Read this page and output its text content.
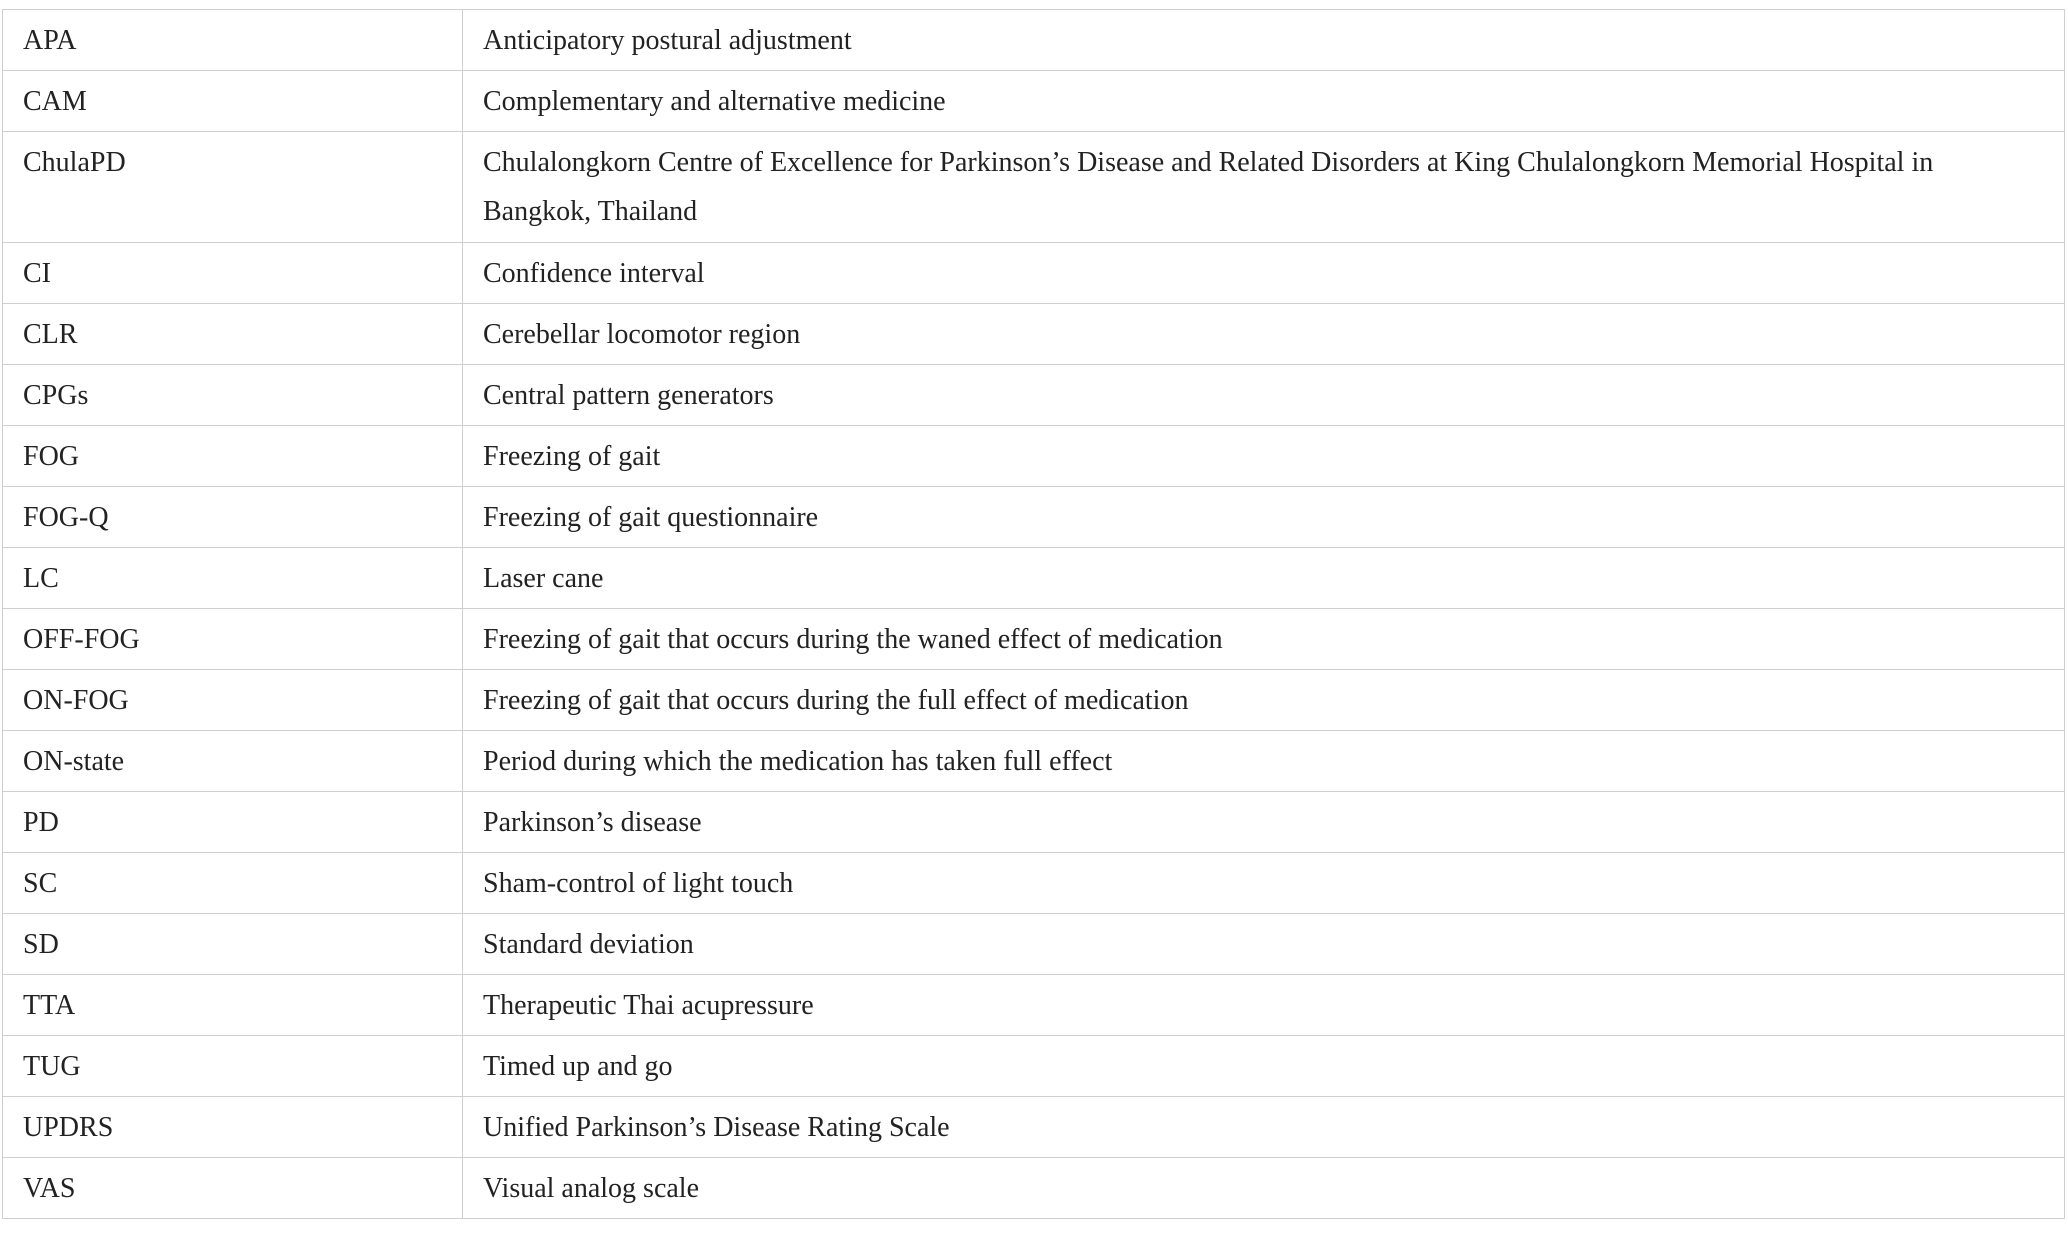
APA	Anticipatory postural adjustment
CAM	Complementary and alternative medicine
ChulaPD	Chulalongkorn Centre of Excellence for Parkinson’s Disease and Related Disorders at King Chulalongkorn Memorial Hospital in Bangkok, Thailand
CI	Confidence interval
CLR	Cerebellar locomotor region
CPGs	Central pattern generators
FOG	Freezing of gait
FOG-Q	Freezing of gait questionnaire
LC	Laser cane
OFF-FOG	Freezing of gait that occurs during the waned effect of medication
ON-FOG	Freezing of gait that occurs during the full effect of medication
ON-state	Period during which the medication has taken full effect
PD	Parkinson’s disease
SC	Sham-control of light touch
SD	Standard deviation
TTA	Therapeutic Thai acupressure
TUG	Timed up and go
UPDRS	Unified Parkinson’s Disease Rating Scale
VAS	Visual analog scale
